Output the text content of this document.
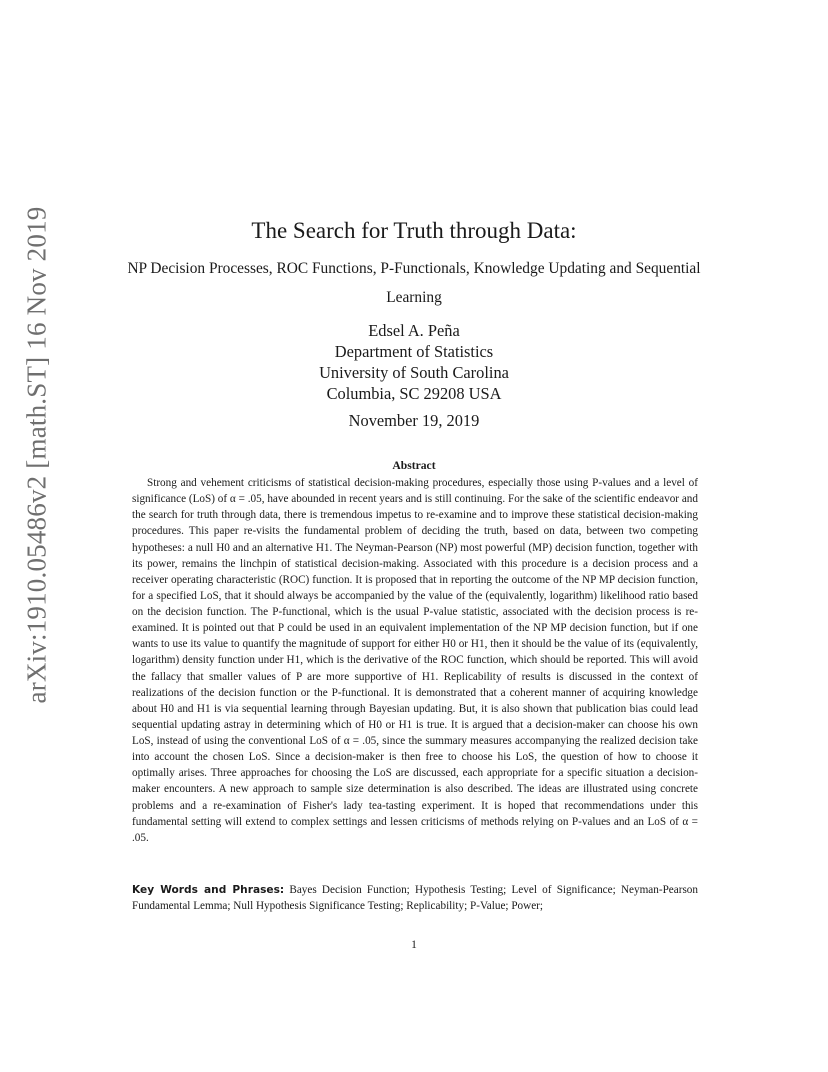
arXiv:1910.05486v2 [math.ST] 16 Nov 2019	The Search for Truth through Data:
NP Decision Processes, ROC Functions, P-Functionals, Knowledge Updating and Sequential Learning
Edsel A. Peña
Department of Statistics
University of South Carolina
Columbia, SC 29208 USA
November 19, 2019
Abstract

Strong and vehement criticisms of statistical decision-making procedures, especially those using P-values and a level of significance (LoS) of α = .05, have abounded in recent years and is still continuing. For the sake of the scientific endeavor and the search for truth through data, there is tremendous impetus to re-examine and to improve these statistical decision-making procedures. This paper re-visits the fundamental problem of deciding the truth, based on data, between two competing hypotheses: a null H0 and an alternative H1. The Neyman-Pearson (NP) most powerful (MP) decision function, together with its power, remains the linchpin of statistical decision-making. Associated with this procedure is a decision process and a receiver operating characteristic (ROC) function. It is proposed that in reporting the outcome of the NP MP decision function, for a specified LoS, that it should always be accompanied by the value of the (equivalently, logarithm) likelihood ratio based on the decision function. The P-functional, which is the usual P-value statistic, associated with the decision process is re-examined. It is pointed out that P could be used in an equivalent implementation of the NP MP decision function, but if one wants to use its value to quantify the magnitude of support for either H0 or H1, then it should be the value of its (equivalently, logarithm) density function under H1, which is the derivative of the ROC function, which should be reported. This will avoid the fallacy that smaller values of P are more supportive of H1. Replicability of results is discussed in the context of realizations of the decision function or the P-functional. It is demonstrated that a coherent manner of acquiring knowledge about H0 and H1 is via sequential learning through Bayesian updating. But, it is also shown that publication bias could lead sequential updating astray in determining which of H0 or H1 is true. It is argued that a decision-maker can choose his own LoS, instead of using the conventional LoS of α = .05, since the summary measures accompanying the realized decision take into account the chosen LoS. Since a decision-maker is then free to choose his LoS, the question of how to choose it optimally arises. Three approaches for choosing the LoS are discussed, each appropriate for a specific situation a decision-maker encounters. A new approach to sample size determination is also described. The ideas are illustrated using concrete problems and a re-examination of Fisher's lady tea-tasting experiment. It is hoped that recommendations under this fundamental setting will extend to complex settings and lessen criticisms of methods relying on P-values and an LoS of α = .05.

Key Words and Phrases: Bayes Decision Function; Hypothesis Testing; Level of Significance; Neyman-Pearson Fundamental Lemma; Null Hypothesis Significance Testing; Replicability; P-Value; Power;

1
